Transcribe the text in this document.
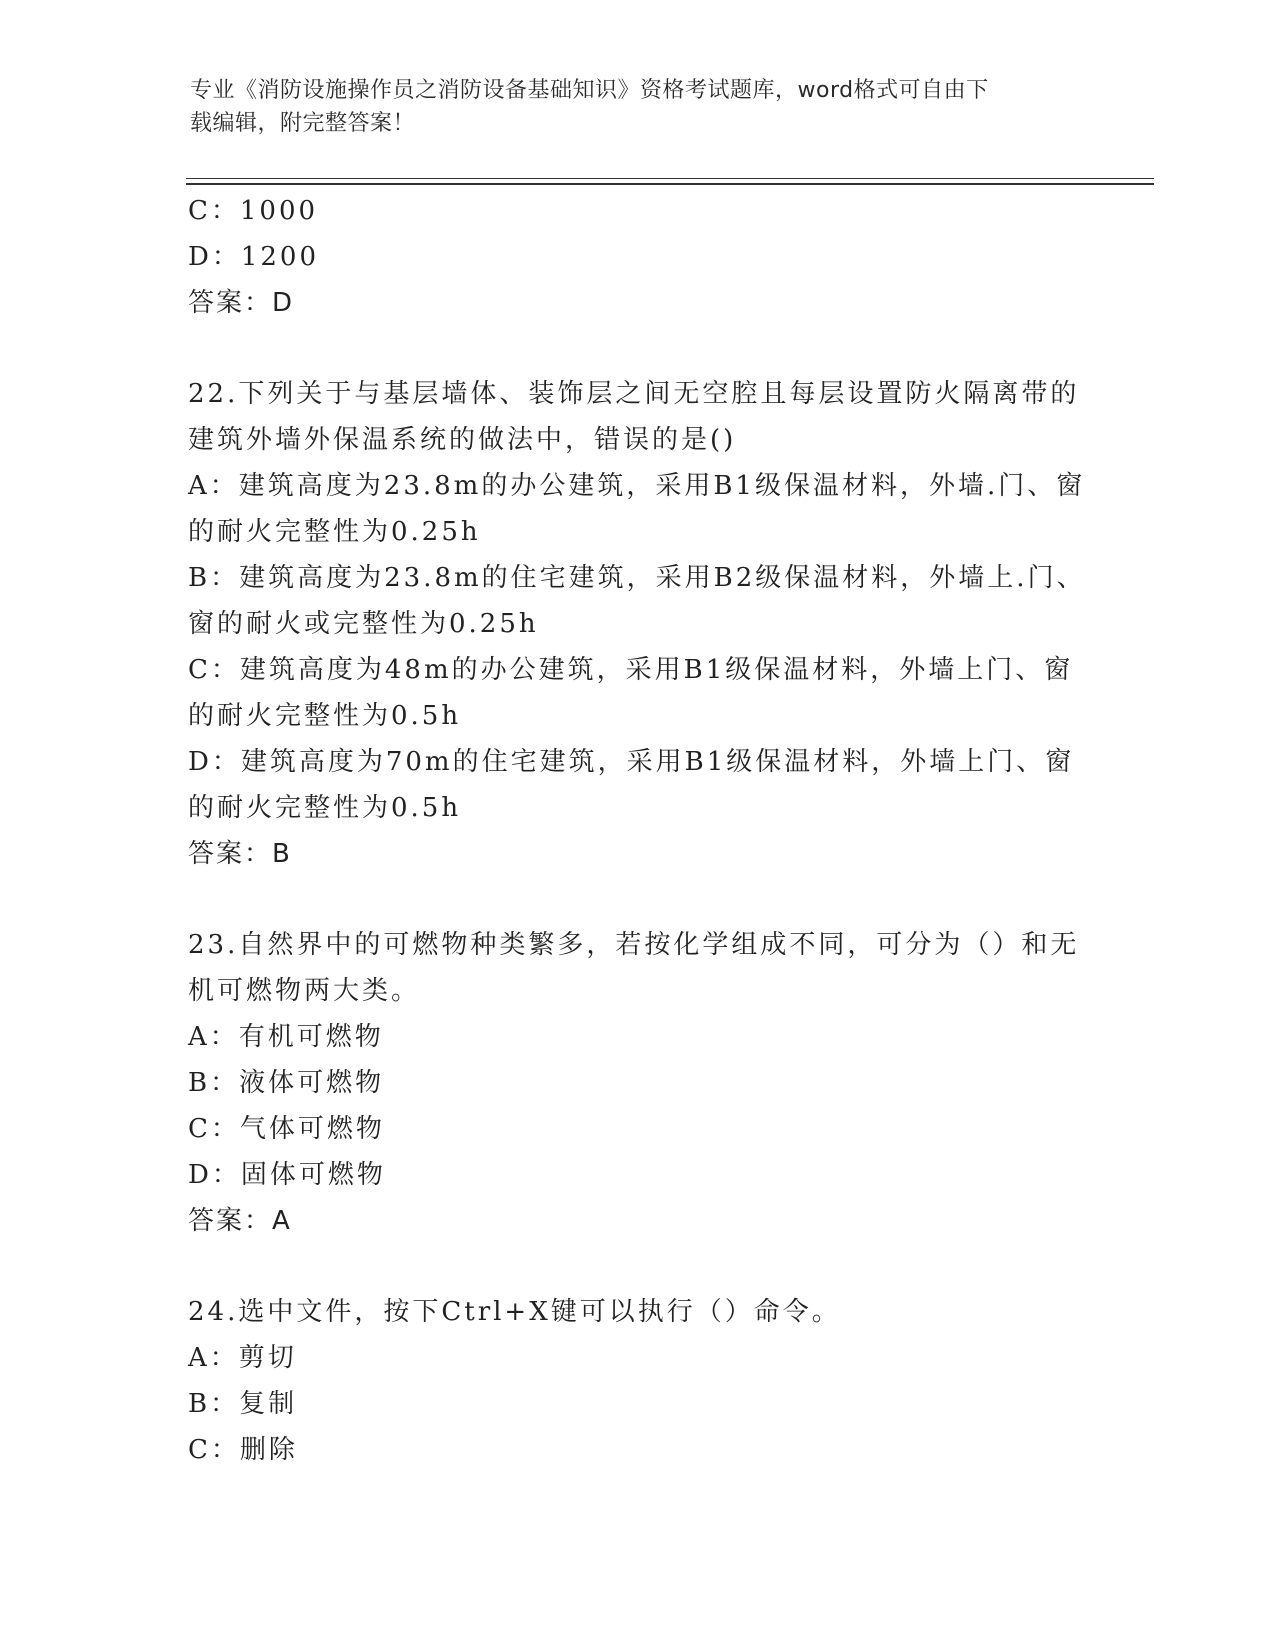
专业《消防设施操作员之消防设备基础知识》资格考试题库，word格式可自由下
载编辑，附完整答案！
C：1000
D：1200
答案：D
22.下列关于与基层墙体、装饰层之间无空腔且每层设置防火隔离带的
建筑外墙外保温系统的做法中，错误的是()
A：建筑高度为23.8m的办公建筑，采用B1级保温材料，外墙.门、窗
的耐火完整性为0.25h
B：建筑高度为23.8m的住宅建筑，采用B2级保温材料，外墙上.门、
窗的耐火或完整性为0.25h
C：建筑高度为48m的办公建筑，采用B1级保温材料，外墙上门、窗
的耐火完整性为0.5h
D：建筑高度为70m的住宅建筑，采用B1级保温材料，外墙上门、窗
的耐火完整性为0.5h
答案：B
23.自然界中的可燃物种类繁多，若按化学组成不同，可分为（）和无
机可燃物两大类。
A：有机可燃物
B：液体可燃物
C：气体可燃物
D：固体可燃物
答案：A
24.选中文件，按下Ctrl+X键可以执行（）命令。
A：剪切
B：复制
C：删除
